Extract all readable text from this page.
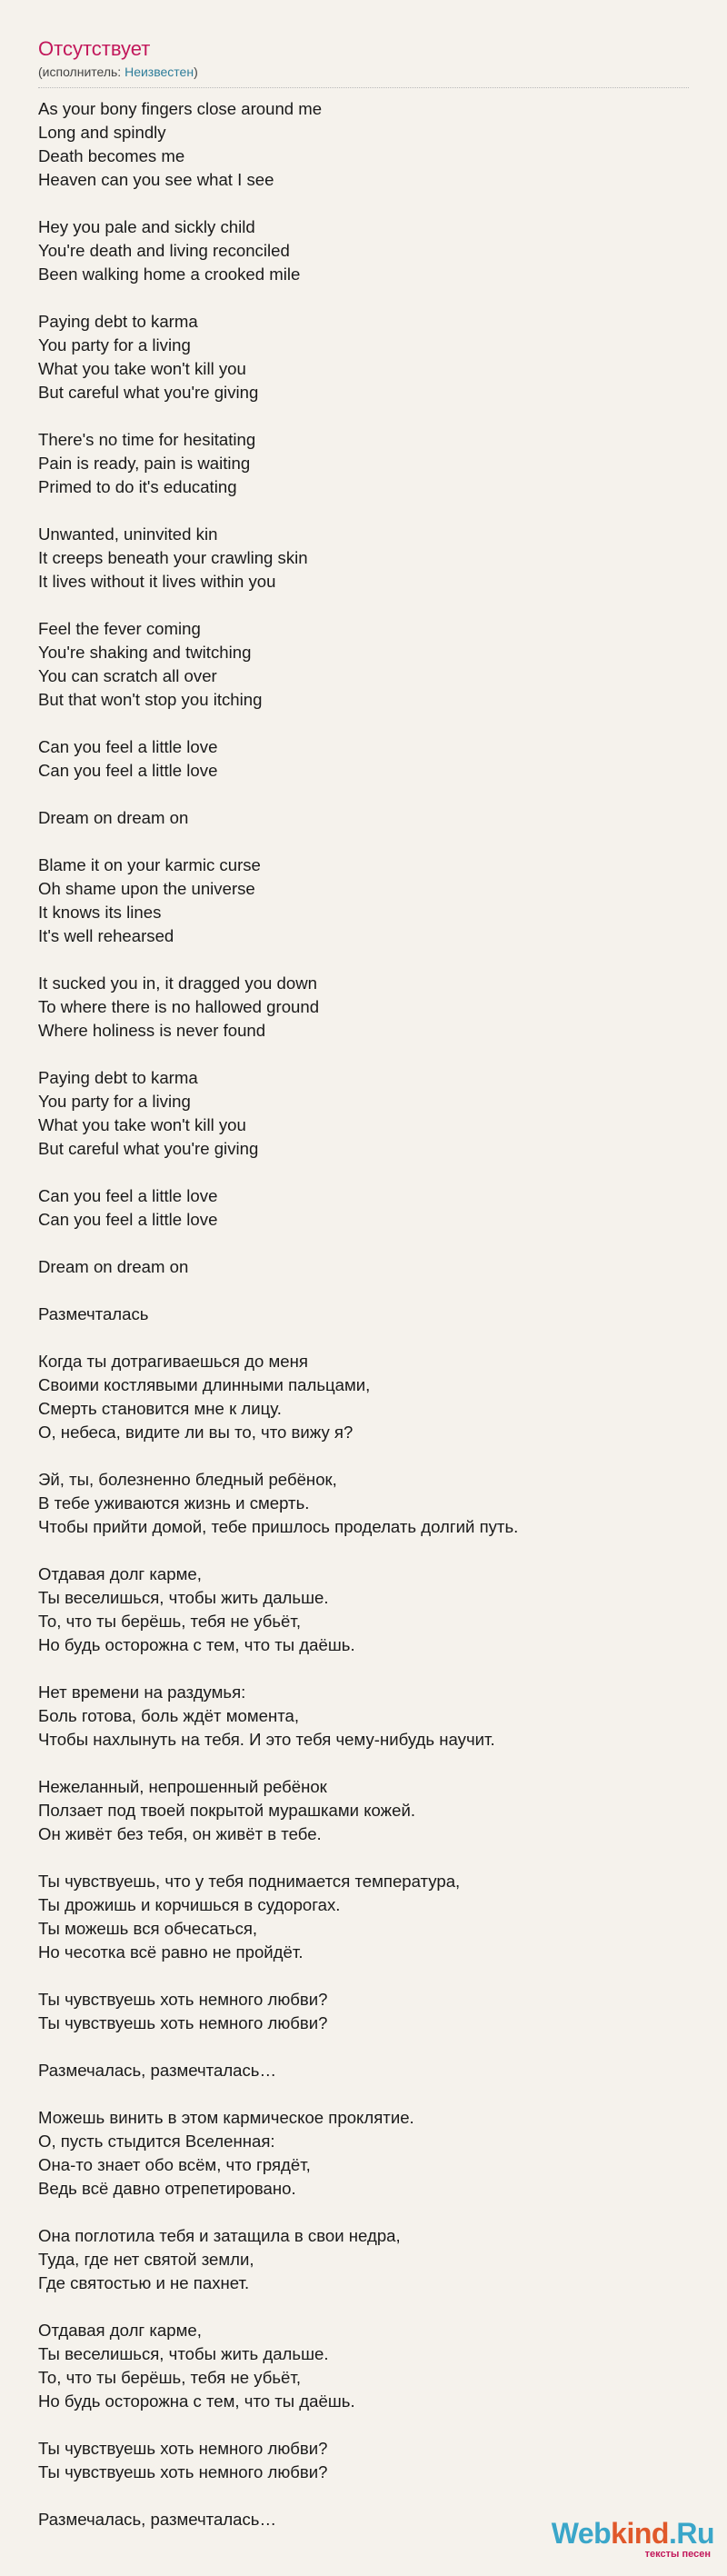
Отсутствует
(исполнитель: Неизвестен)
As your bony fingers close around me
Long and spindly
Death becomes me
Heaven can you see what I see
Hey you pale and sickly child
You're death and living reconciled
Been walking home a crooked mile
Paying debt to karma
You party for a living
What you take won't kill you
But careful what you're giving
There's no time for hesitating
Pain is ready, pain is waiting
Primed to do it's educating
Unwanted, uninvited kin
It creeps beneath your crawling skin
It lives without it lives within you
Feel the fever coming
You're shaking and twitching
You can scratch all over
But that won't stop you itching
Can you feel a little love
Can you feel a little love
Dream on dream on
Blame it on your karmic curse
Oh shame upon the universe
It knows its lines
It's well rehearsed
It sucked you in, it dragged you down
To where there is no hallowed ground
Where holiness is never found
Paying debt to karma
You party for a living
What you take won't kill you
But careful what you're giving
Can you feel a little love
Can you feel a little love
Dream on dream on
Размечталась
Когда ты дотрагиваешься до меня
Своими костлявыми длинными пальцами,
Смерть становится мне к лицу.
О, небеса, видите ли вы то, что вижу я?
Эй, ты, болезненно бледный ребёнок,
В тебе уживаются жизнь и смерть.
Чтобы прийти домой, тебе пришлось проделать долгий путь.
Отдавая долг карме,
Ты веселишься, чтобы жить дальше.
То, что ты берёшь, тебя не убьёт,
Но будь осторожна с тем, что ты даёшь.
Нет времени на раздумья:
Боль готова, боль ждёт момента,
Чтобы нахлынуть на тебя. И это тебя чему-нибудь научит.
Нежеланный, непрошенный ребёнок
Ползает под твоей покрытой мурашками кожей.
Он живёт без тебя, он живёт в тебе.
Ты чувствуешь, что у тебя поднимается температура,
Ты дрожишь и корчишься в судорогах.
Ты можешь вся обчесаться,
Но чесотка всё равно не пройдёт.
Ты чувствуешь хоть немного любви?
Ты чувствуешь хоть немного любви?
Размечалась, размечталась…
Можешь винить в этом кармическое проклятие.
О, пусть стыдится Вселенная:
Она-то знает обо всём, что грядёт,
Ведь всё давно отрепетировано.
Она поглотила тебя и затащила в свои недра,
Туда, где нет святой земли,
Где святостью и не пахнет.
Отдавая долг карме,
Ты веселишься, чтобы жить дальше.
То, что ты берёшь, тебя не убьёт,
Но будь осторожна с тем, что ты даёшь.
Ты чувствуешь хоть немного любви?
Ты чувствуешь хоть немного любви?
Размечалась, размечталась…	Webkind.Ru
тексты песен
